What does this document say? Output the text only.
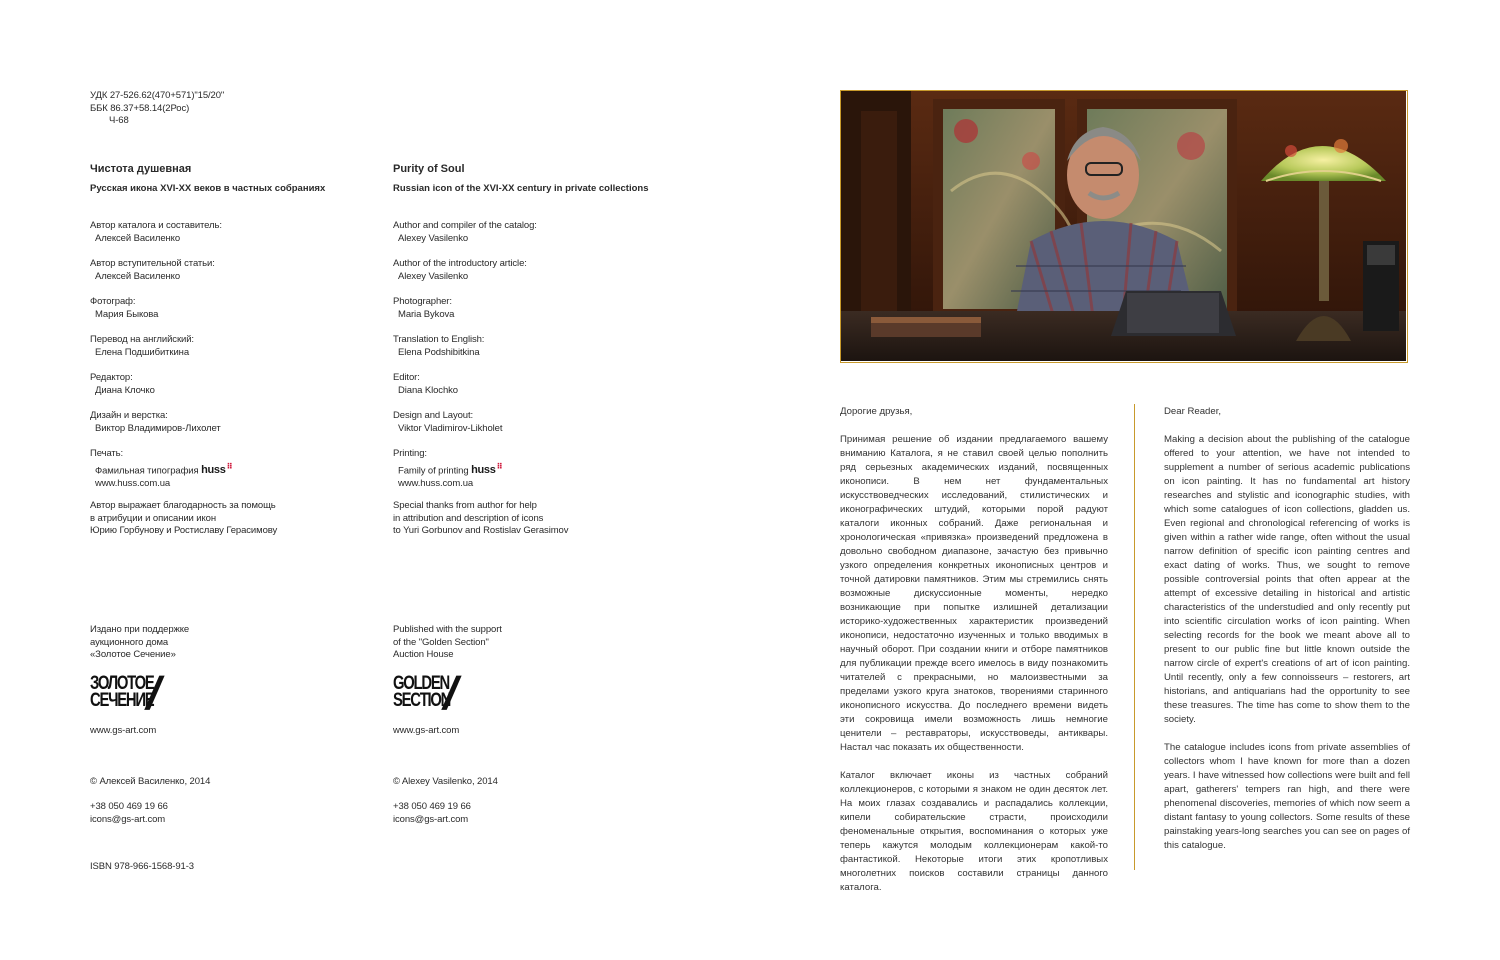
УДК 27-526.62(470+571)"15/20"
ББК 86.37+58.14(2Рос)
Ч-68
Чистота душевная
Русская икона XVI-XX веков в частных собраниях
Автор каталога и составитель:
Алексей Василенко
Автор вступительной статьи:
Алексей Василенко
Фотограф:
Мария Быкова
Перевод на английский:
Елена Подшибиткина
Редактор:
Диана Клочко
Дизайн и верстка:
Виктор Владимиров-Лихолет
Печать:
Фамильная типография huss⠿
www.huss.com.ua
Автор выражает благодарность за помощь
в атрибуции и описании икон
Юрию Горбунову и Ростиславу Герасимову
Издано при поддержке
аукционного дома
«Золотое Сечение»
ЗОЛОТОЕ
СЕЧЕНИЕ
/
www.gs-art.com
© Алексей Василенко, 2014
+38 050 469 19 66
icons@gs-art.com
ISBN 978-966-1568-91-3
Purity of Soul
Russian icon of the XVI-XX century in private collections
Author and compiler of the catalog:
Alexey Vasilenko
Author of the introductory article:
Alexey Vasilenko
Photographer:
Maria Bykova
Translation to English:
Elena Podshibitkina
Editor:
Diana Klochko
Design and Layout:
Viktor Vladimirov-Likholet
Printing:
Family of printing huss⠿
www.huss.com.ua
Special thanks from author for help
in attribution and description of icons
to Yuri Gorbunov and Rostislav Gerasimov
Published with the support
of the "Golden Section"
Auction House
GOLDEN
SECTION
/
www.gs-art.com
© Alexey Vasilenko, 2014
+38 050 469 19 66
icons@gs-art.com

Дорогие друзья,

Принимая решение об издании предлагаемого вашему вниманию Каталога, я не ставил своей целью пополнить ряд серьезных академических изданий, посвященных иконописи. В нем нет фундаментальных искусствоведческих исследований, стилистических и иконографических штудий, которыми порой радуют каталоги иконных собраний. Даже региональная и хронологическая «привязка» произведений предложена в довольно свободном диапазоне, зачастую без привычно узкого определения конкретных иконописных центров и точной датировки памятников. Этим мы стремились снять возможные дискуссионные моменты, нередко возникающие при попытке излишней детализации историко-художественных характеристик произведений иконописи, недостаточно изученных и только вводимых в научный оборот. При создании книги и отборе памятников для публикации прежде всего имелось в виду познакомить читателей с прекрасными, но малоизвестными за пределами узкого круга знатоков, творениями старинного иконописного искусства. До последнего времени видеть эти сокровища имели возможность лишь немногие ценители – реставраторы, искусствоведы, антиквары. Настал час показать их общественности.

Каталог включает иконы из частных собраний коллекционеров, с которыми я знаком не один десяток лет. На моих глазах создавались и распадались коллекции, кипели собирательские страсти, происходили феноменальные открытия, воспоминания о которых уже теперь кажутся молодым коллекционерам какой-то фантастикой. Некоторые итоги этих кропотливых многолетних поисков составили страницы данного каталога.

Dear Reader,

Making a decision about the publishing of the catalogue offered to your attention, we have not intended to supplement a number of serious academic publications on icon painting. It has no fundamental art history researches and stylistic and iconographic studies, with which some catalogues of icon collections, gladden us. Even regional and chronological referencing of works is given within a rather wide range, often without the usual narrow definition of specific icon painting centres and exact dating of works. Thus, we sought to remove possible controversial points that often appear at the attempt of excessive detailing in historical and artistic characteristics of the understudied and only recently put into scientific circulation works of icon painting. When selecting records for the book we meant above all to present to our public fine but little known outside the narrow circle of expert's creations of art of icon painting. Until recently, only a few connoisseurs – restorers, art historians, and antiquarians had the opportunity to see these treasures. The time has come to show them to the society.

The catalogue includes icons from private assemblies of collectors whom I have known for more than a dozen years. I have witnessed how collections were built and fell apart, gatherers' tempers ran high, and there were phenomenal discoveries, memories of which now seem a distant fantasy to young collectors. Some results of these painstaking years-long searches you can see on pages of this catalogue.
